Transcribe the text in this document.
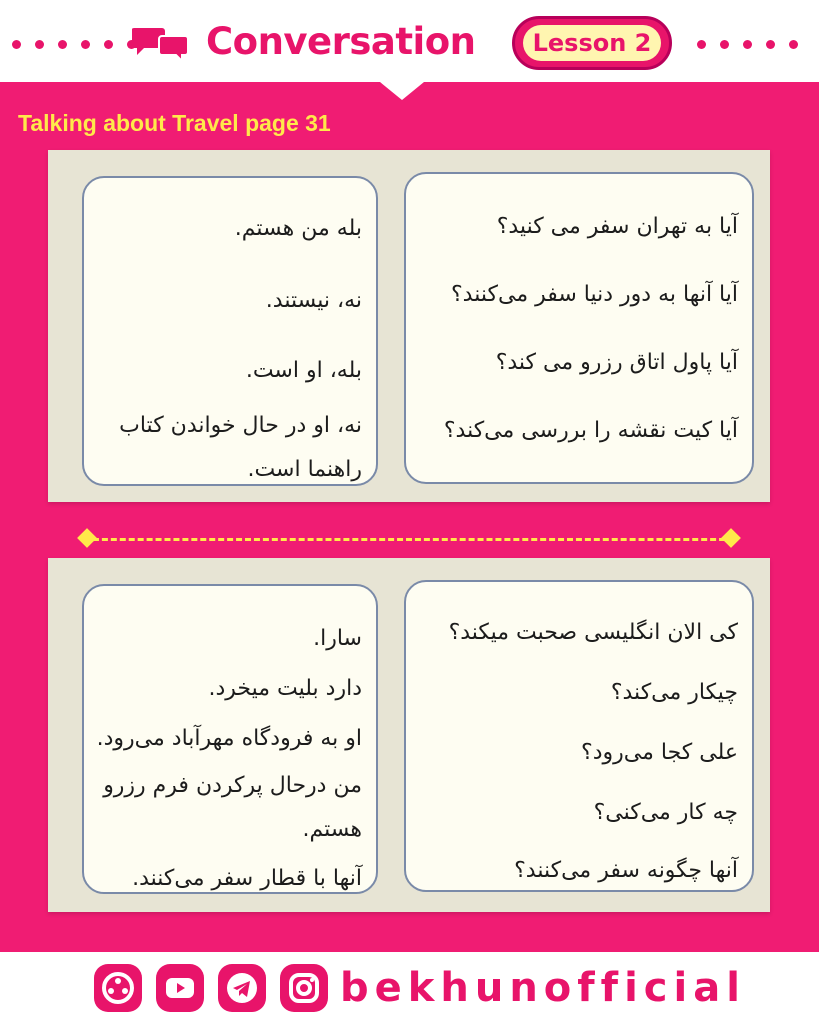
Conversation	Lesson 2
Talking about Travel page 31
بله من هستم.
نه، نیستند.
بله، او است.
نه، او در حال خواندن کتاب راهنما است.
آیا به تهران سفر می کنید؟
آیا آنها به دور دنیا سفر می‌کنند؟
آیا پاول اتاق رزرو می کند؟
آیا کیت نقشه را بررسی می‌کند؟
سارا.
دارد بلیت میخرد.
او به فرودگاه مهرآباد می‌رود.
من درحال پرکردن فرم رزرو هستم.
آنها با قطار سفر می‌کنند.
کی الان انگلیسی صحبت میکند؟
چیکار می‌کند؟
علی کجا می‌رود؟
چه کار می‌کنی؟
آنها چگونه سفر می‌کنند؟
bekhunofficial
